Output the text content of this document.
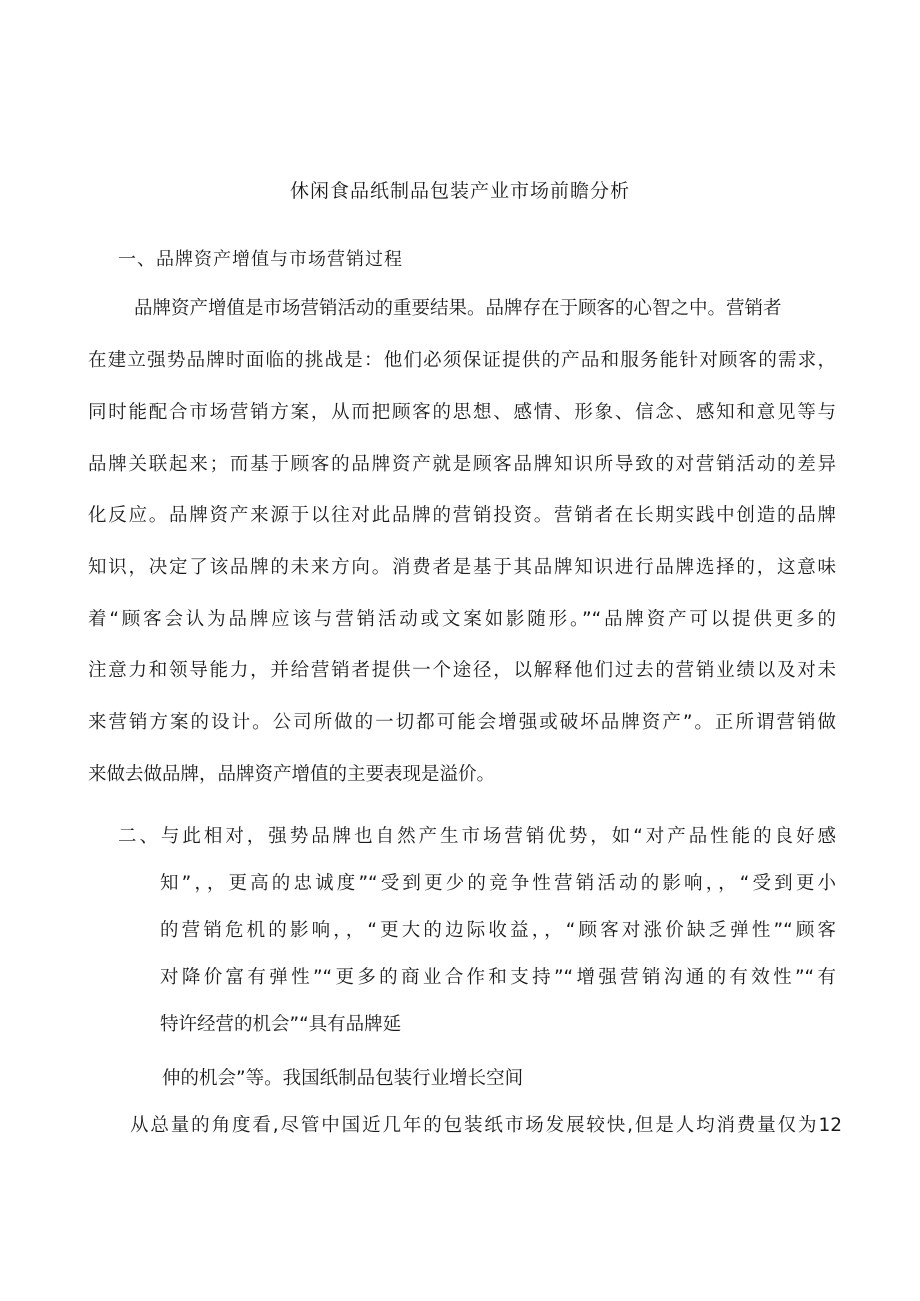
休闲食品纸制品包装产业市场前瞻分析
一、品牌资产增值与市场营销过程
品牌资产增值是市场营销活动的重要结果。品牌存在于顾客的心智之中。营销者
在建立强势品牌时面临的挑战是：他们必须保证提供的产品和服务能针对顾客的需求，
同时能配合市场营销方案，从而把顾客的思想、感情、形象、信念、感知和意见等与
品牌关联起来；而基于顾客的品牌资产就是顾客品牌知识所导致的对营销活动的差异
化反应。品牌资产来源于以往对此品牌的营销投资。营销者在长期实践中创造的品牌
知识，决定了该品牌的未来方向。消费者是基于其品牌知识进行品牌选择的，这意味
着“顾客会认为品牌应该与营销活动或文案如影随形。”“品牌资产可以提供更多的
注意力和领导能力，并给营销者提供一个途径，以解释他们过去的营销业绩以及对未
来营销方案的设计。公司所做的一切都可能会增强或破坏品牌资产”。正所谓营销做
来做去做品牌，品牌资产增值的主要表现是溢价。
二、与此相对，强势品牌也自然产生市场营销优势，如“对产品性能的良好感
知”，，更高的忠诚度”“受到更少的竞争性营销活动的影响，，“受到更小
的营销危机的影响，，“更大的边际收益，，“顾客对涨价缺乏弹性”“顾客
对降价富有弹性”“更多的商业合作和支持”“增强营销沟通的有效性”“有
特许经营的机会”“具有品牌延
伸的机会”等。我国纸制品包装行业增长空间
从总量的角度看,尽管中国近几年的包装纸市场发展较快,但是人均消费量仅为12
